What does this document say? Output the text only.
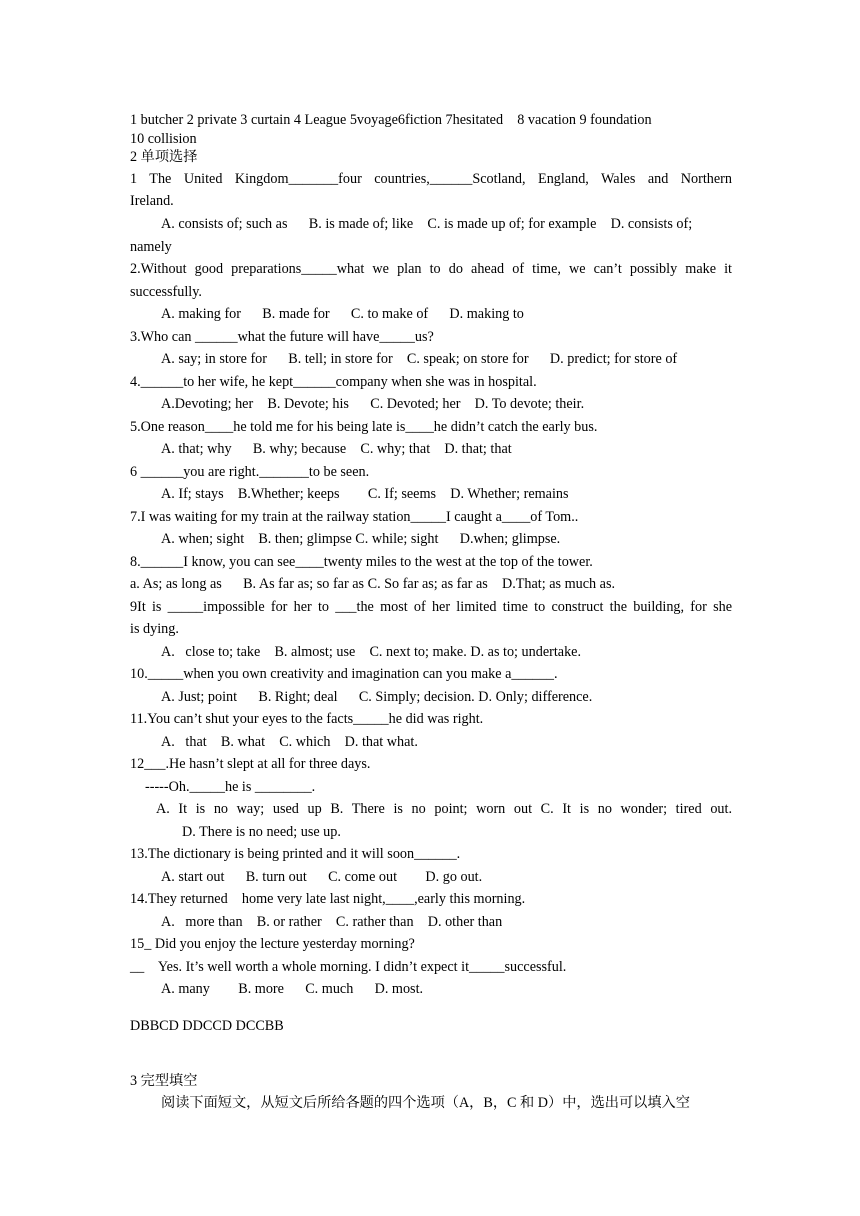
1 butcher 2 private 3 curtain 4 League 5voyage6fiction 7hesitated    8 vacation 9 foundation
10 collision
2 单项选择
1 The United Kingdom_______four countries,______Scotland, England, Wales and Northern
Ireland.
A. consists of; such as      B. is made of; like    C. is made up of; for example    D. consists of;
namely
2.Without good preparations_____what we plan to do ahead of time, we can’t possibly make it
successfully.
A. making for      B. made for      C. to make of      D. making to
3.Who can ______what the future will have_____us?
A. say; in store for      B. tell; in store for    C. speak; on store for      D. predict; for store of
4.______to her wife, he kept______company when she was in hospital.
A.Devoting; her    B. Devote; his      C. Devoted; her    D. To devote; their.
5.One reason____he told me for his being late is____he didn’t catch the early bus.
A. that; why      B. why; because    C. why; that    D. that; that
6 ______you are right._______to be seen.
A. If; stays    B.Whether; keeps        C. If; seems    D. Whether; remains
7.I was waiting for my train at the railway station_____I caught a____of Tom..
A. when; sight    B. then; glimpse C. while; sight      D.when; glimpse.
8.______I know, you can see____twenty miles to the west at the top of the tower.
a. As; as long as      B. As far as; so far as C. So far as; as far as    D.That; as much as.
9It is _____impossible for her to ___the most of her limited time to construct the building, for she
is dying.
A.   close to; take    B. almost; use    C. next to; make. D. as to; undertake.
10._____when you own creativity and imagination can you make a______.
A. Just; point      B. Right; deal      C. Simply; decision. D. Only; difference.
11.You can’t shut your eyes to the facts_____he did was right.
A.   that    B. what    C. which    D. that what.
12___.He hasn’t slept at all for three days.
-----Oh._____he is ________.
A. It is no way; used up B. There is no point; worn out C. It is no wonder; tired out.
D. There is no need; use up.
13.The dictionary is being printed and it will soon______.
A. start out      B. turn out      C. come out        D. go out.
14.They returned    home very late last night,____,early this morning.
A.   more than    B. or rather    C. rather than    D. other than
15_ Did you enjoy the lecture yesterday morning?
__    Yes. It’s well worth a whole morning. I didn’t expect it_____successful.
A. many        B. more      C. much      D. most.
DBBCD DDCCD DCCBB
3 完型填空
阅读下面短文，从短文后所给各题的四个选项（A，B，C 和 D）中，选出可以填入空
